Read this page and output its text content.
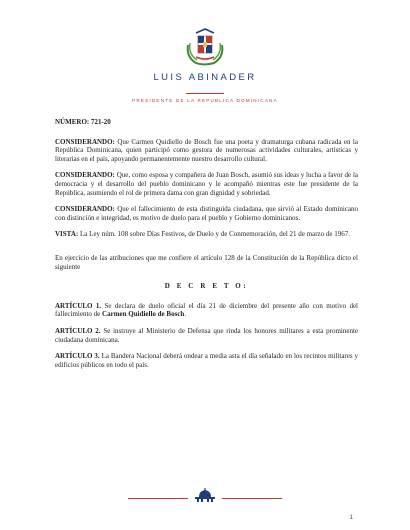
LUIS ABINADER
PRESIDENTE DE LA REPÚBLICA DOMINICANA

NÚMERO: 721-20

CONSIDERANDO: Que Carmen Quidiello de Bosch fue una poeta y dramaturga cubana radicada en la República Dominicana, quien participó como gestora de numerosas actividades culturales, artísticas y literarias en el país, apoyando permanentemente nuestro desarrollo cultural.

CONSIDERANDO: Que, como esposa y compañera de Juan Bosch, asumió sus ideas y lucha a favor de la democracia y el desarrollo del pueblo dominicano y le acompañó mientras este fue presidente de la República, asumiendo el rol de primera dama con gran dignidad y sobriedad.

CONSIDERANDO: Que el fallecimiento de esta distinguida ciudadana, que sirvió al Estado dominicano con distinción e integridad, es motivo de duelo para el pueblo y Gobierno dominicanos.

VISTA: La Ley núm. 108 sobre Días Festivos, de Duelo y de Conmemoración, del 21 de marzo de 1967.

En ejercicio de las atribuciones que me confiere el artículo 128 de la Constitución de la República dicto el siguiente

D E C R E T O:

ARTÍCULO 1. Se declara de duelo oficial el día 21 de diciembre del presente año con motivo del fallecimiento de Carmen Quidiello de Bosch.

ARTÍCULO 2. Se instruye al Ministerio de Defensa que rinda los honores militares a esta prominente ciudadana dominicana.

ARTÍCULO 3. La Bandera Nacional deberá ondear a media asta el día señalado en los recintos militares y edificios públicos en todo el país.

1
